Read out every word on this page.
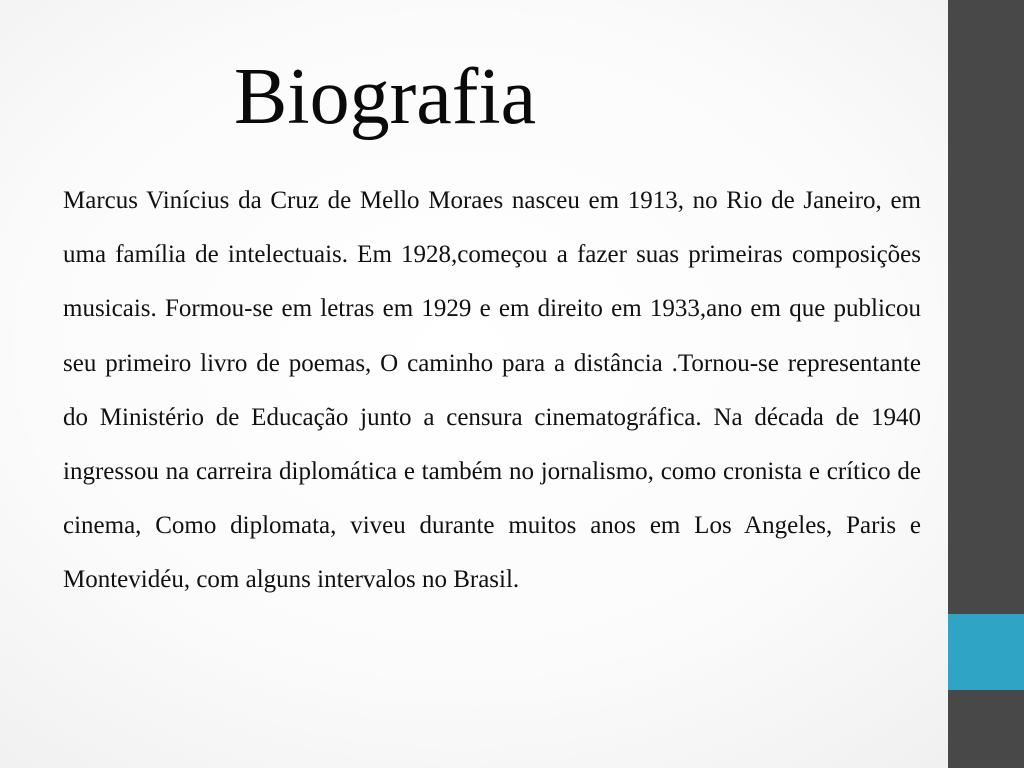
Biografia

Marcus Vinícius da Cruz de Mello Moraes nasceu em 1913, no Rio de Janeiro, em uma família de intelectuais. Em 1928,começou a fazer suas primeiras composições musicais. Formou-se em letras em 1929 e em direito em 1933,ano em que publicou seu primeiro livro de poemas, O caminho para a distância .Tornou-se representante do Ministério de Educação junto a censura cinematográfica. Na década de 1940 ingressou na carreira diplomática e também no jornalismo, como cronista e crítico de cinema, Como diplomata, viveu durante muitos anos em Los Angeles, Paris e Montevidéu, com alguns intervalos no Brasil.
